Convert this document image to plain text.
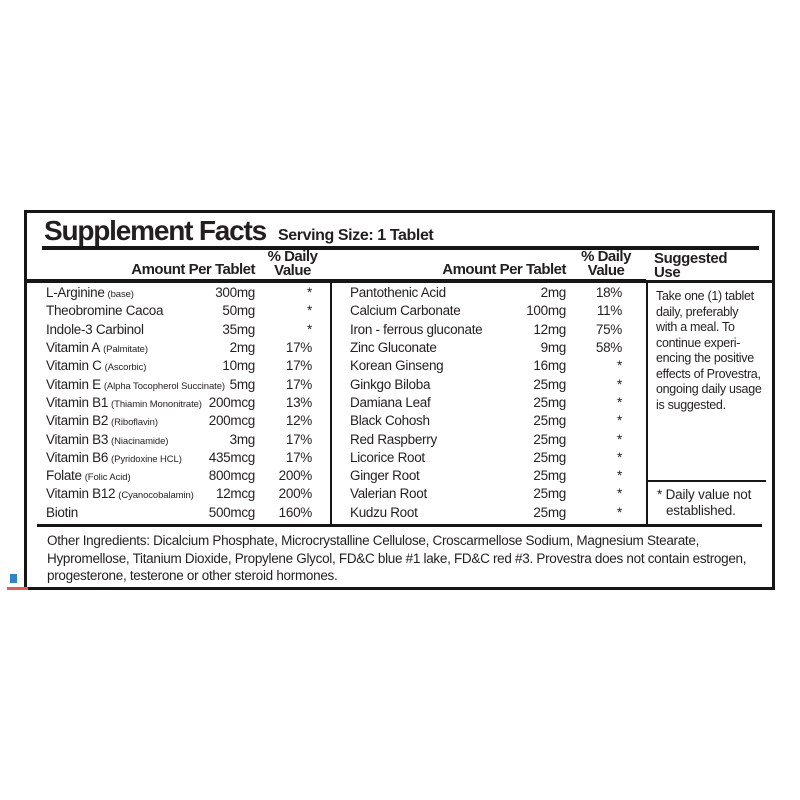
Supplement Facts Serving Size: 1 Tablet
Amount Per Tablet
% Daily
Value
L-Arginine (base)	300mg	*
Theobromine Cacoa	50mg	*
Indole-3 Carbinol	35mg	*
Vitamin A (Palmitate)	2mg	17%
Vitamin C (Ascorbic)	10mg	17%
Vitamin E (Alpha Tocopherol Succinate) 5mg	17%
Vitamin B1 (Thiamin Mononitrate) 200mcg	13%
Vitamin B2 (Riboflavin)	200mcg	12%
Vitamin B3 (Niacinamide)	3mg	17%
Vitamin B6 (Pyridoxine HCL) 435mcg	17%
Folate (Folic Acid)	800mcg	200%
Vitamin B12 (Cyanocobalamin) 12mcg	200%
Biotin	500mcg	160%
Amount Per Tablet
% Daily
Value
Pantothenic Acid	2mg	18%
Calcium Carbonate	100mg	11%
Iron - ferrous gluconate	12mg	75%
Zinc Gluconate	9mg	58%
Korean Ginseng	16mg	*
Ginkgo Biloba	25mg	*
Damiana Leaf	25mg	*
Black Cohosh	25mg	*
Red Raspberry	25mg	*
Licorice Root	25mg	*
Ginger Root	25mg	*
Valerian Root	25mg	*
Kudzu Root	25mg	*
Suggested
Use
Take one (1) tablet
daily, preferably
with a meal. To
continue experi-
encing the positive
effects of Provestra,
ongoing daily usage
is suggested.
* Daily value not established.
Other Ingredients: Dicalcium Phosphate, Microcrystalline Cellulose, Croscarmellose Sodium, Magnesium Stearate, Hypromellose, Titanium Dioxide, Propylene Glycol, FD&C blue #1 lake, FD&C red #3. Provestra does not contain estrogen, progesterone, testerone or other steroid hormones.
